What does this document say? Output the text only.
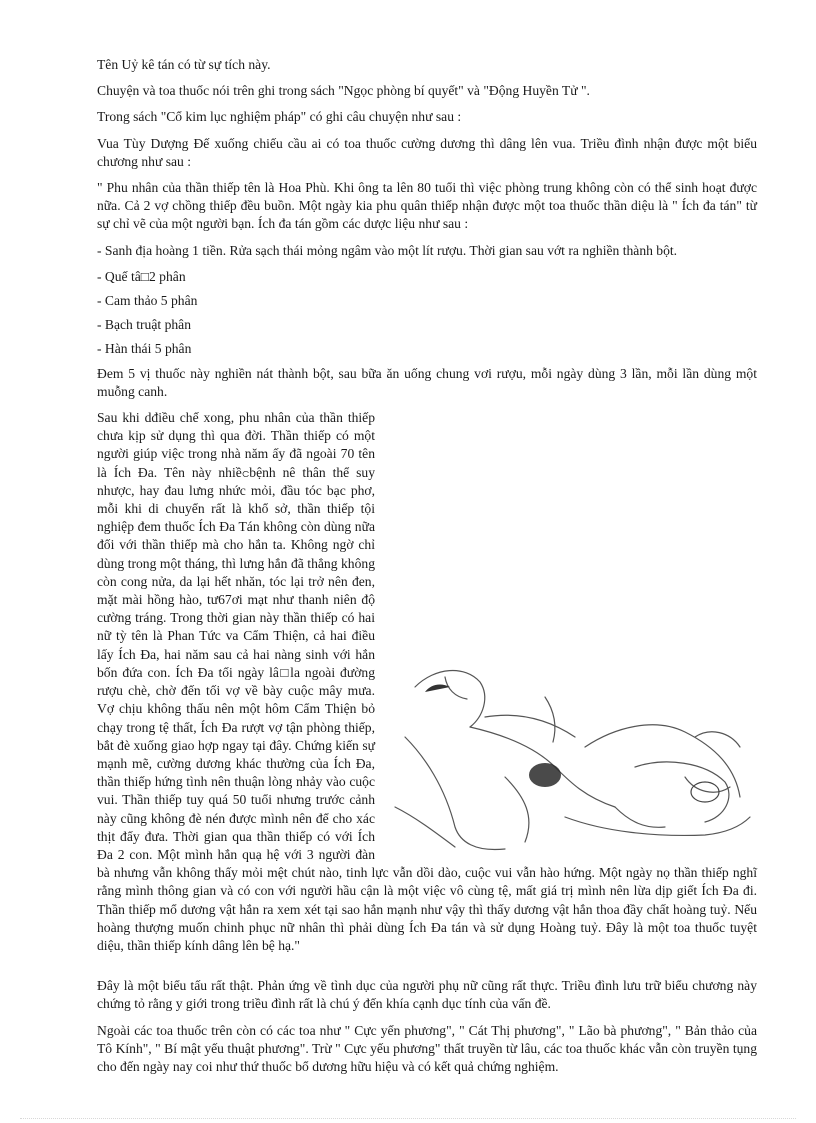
Tên Uỷ kê tán có từ sự tích này.

Chuyện và toa thuốc nói trên ghi trong sách "Ngọc phòng bí quyết" và "Động Huyền Tử ".

Trong sách "Cổ kim lục nghiệm pháp" có ghi câu chuyện như sau :

Vua Tùy Dượng Đế xuống chiếu cầu ai có toa thuốc cường dương thì dâng lên vua. Triều đình nhận được một biểu chương như sau :

" Phu nhân của thần thiếp tên là Hoa Phù. Khi ông ta lên 80 tuổi thì việc phòng trung không còn có thể sinh hoạt được nữa. Cả 2 vợ chồng thiếp đều buồn. Một ngày kia phu quân thiếp nhận được một toa thuốc thần diệu là " Ích đa tán" từ sự chỉ vẽ của một người bạn. Ích đa tán gồm các dược liệu như sau :

- Sanh địa hoàng 1 tiền. Rửa sạch thái mỏng ngâm vào một lít rượu. Thời gian sau vớt ra nghiền thành bột.

- Quế tâ□2 phân

- Cam thảo 5 phân

- Bạch truật phân

- Hàn thái 5 phân

Đem 5 vị thuốc này nghiền nát thành bột, sau bữa ăn uống chung vơi rượu, mỗi ngày dùng 3 lần, mỗi lần dùng một muỗng canh.

Sau khi dđiều chế xong, phu nhân của thần thiếp chưa kịp sử dụng thì qua đời. Thần thiếp có một người giúp việc trong nhà năm ấy đã ngoài 70 tên là Ích Đa. Tên này nhiềငbệnh nê thân thể suy nhược, hay đau lưng nhức mỏi, đầu tóc bạc phơ, mỗi khi di chuyển rất là khổ sở, thần thiếp tội nghiệp đem thuốc Ích Đa Tán không còn dùng nữa đối với thần thiếp mà cho hắn ta. Không ngờ chỉ dùng trong một tháng, thì lưng hắn đã thẳng không còn cong nửa, da lại hết nhăn, tóc lại trở nên đen, mặt mài hồng hào, tư67ơi mạt như thanh niên độ cường tráng. Trong thời gian này thần thiếp có hai nữ tỳ tên là Phan Tức va Cẩm Thiện, cả hai điều lấy Ích Đa, hai năm sau cả hai nàng sinh với hắn bốn đứa con. Ích Đa tối ngày lâ□la ngoài đường rượu chè, chờ đến tối vợ về bày cuộc mây mưa. Vợ chịu không thấu nên một hôm Cẩm Thiện bỏ chạy trong tệ thất, Ích Đa rượt vợ tận phòng thiếp, bắt đè xuống giao hợp ngay tại đây. Chứng kiến sự mạnh mẽ, cường dương khác thường của Ích Đa, thần thiếp hứng tình nên thuận lòng nhảy vào cuộc vui. Thần thiếp tuy quá 50 tuổi nhưng trước cảnh này cũng không đè nén được mình nên để cho xác thịt đẩy đưa. Thời gian qua thần thiếp có với Ích Đa 2 con. Một mình hắn quạ hệ với 3 người đàn bà nhưng vẫn không thấy mỏi mệt chút nào, tinh lực vẫn dồi dào, cuộc vui vẫn hào hứng. Một ngày nọ thần thiếp nghĩ rằng mình thông gian và có con với người hầu cận là một việc vô cùng tệ, mất giá trị mình nên lừa dịp giết Ích Đa đi. Thần thiếp mổ dương vật hắn ra xem xét tại sao hắn mạnh như vậy thì thấy dương vật hắn thoa đầy chất hoàng tuỷ. Nếu hoàng thượng muốn chinh phục nữ nhân thì phải dùng Ích Đa tán và sử dụng Hoàng tuỷ. Đây là một toa thuốc tuyệt diệu, thần thiếp kính dâng lên bệ hạ."

Đây là một biểu tấu rất thật. Phản ứng về tình dục của người phụ nữ cũng rất thực. Triều đình lưu trữ biểu chương này chứng tỏ rằng y giới trong triều đình rất là chú ý đến khía cạnh dục tính của vấn đề.

Ngoài các toa thuốc trên còn có các toa như " Cực yến phương", " Cát Thị phương", " Lão bà phương", " Bản thảo của Tô Kính", " Bí mật yếu thuật phương". Trừ " Cực yếu phương" thất truyền từ lâu, các toa thuốc khác vẫn còn truyền tụng cho đến ngày nay coi như thứ thuốc bổ dương hữu hiệu và có kết quả chứng nghiệm.
